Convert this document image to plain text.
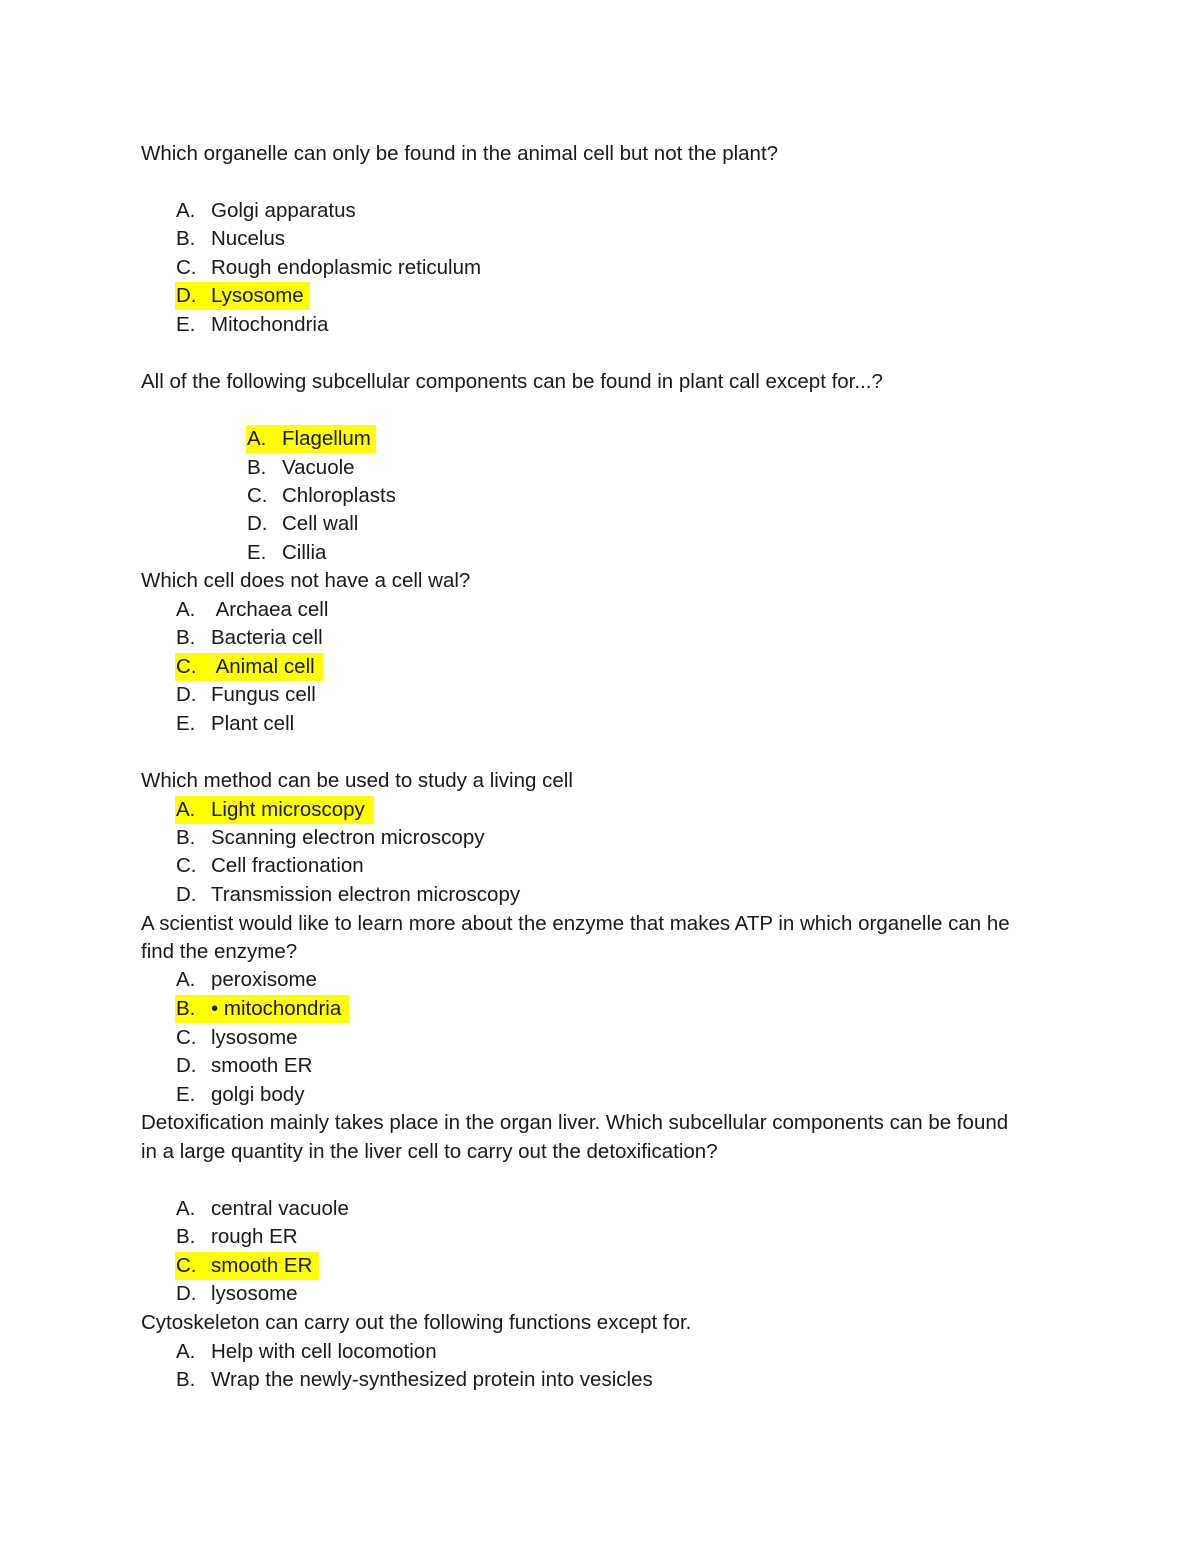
Which organelle can only be found in the animal cell but not the plant?
A. Golgi apparatus
B. Nucelus
C. Rough endoplasmic reticulum
D. Lysosome
E. Mitochondria
All of the following subcellular components can be found in plant call except for...?
A. Flagellum
B. Vacuole
C. Chloroplasts
D. Cell wall
E. Cillia
Which cell does not have a cell wal?
A. Archaea cell
B. Bacteria cell
C. Animal cell
D. Fungus cell
E. Plant cell
Which method can be used to study a living cell
A. Light microscopy
B. Scanning electron microscopy
C. Cell fractionation
D. Transmission electron microscopy
A scientist would like to learn more about the enzyme that makes ATP in which organelle can he
find the enzyme?
A. peroxisome
B. • mitochondria
C. lysosome
D. smooth ER
E. golgi body
Detoxification mainly takes place in the organ liver. Which subcellular components can be found
in a large quantity in the liver cell to carry out the detoxification?
A. central vacuole
B. rough ER
C. smooth ER
D. lysosome
Cytoskeleton can carry out the following functions except for.
A. Help with cell locomotion
B. Wrap the newly-synthesized protein into vesicles
